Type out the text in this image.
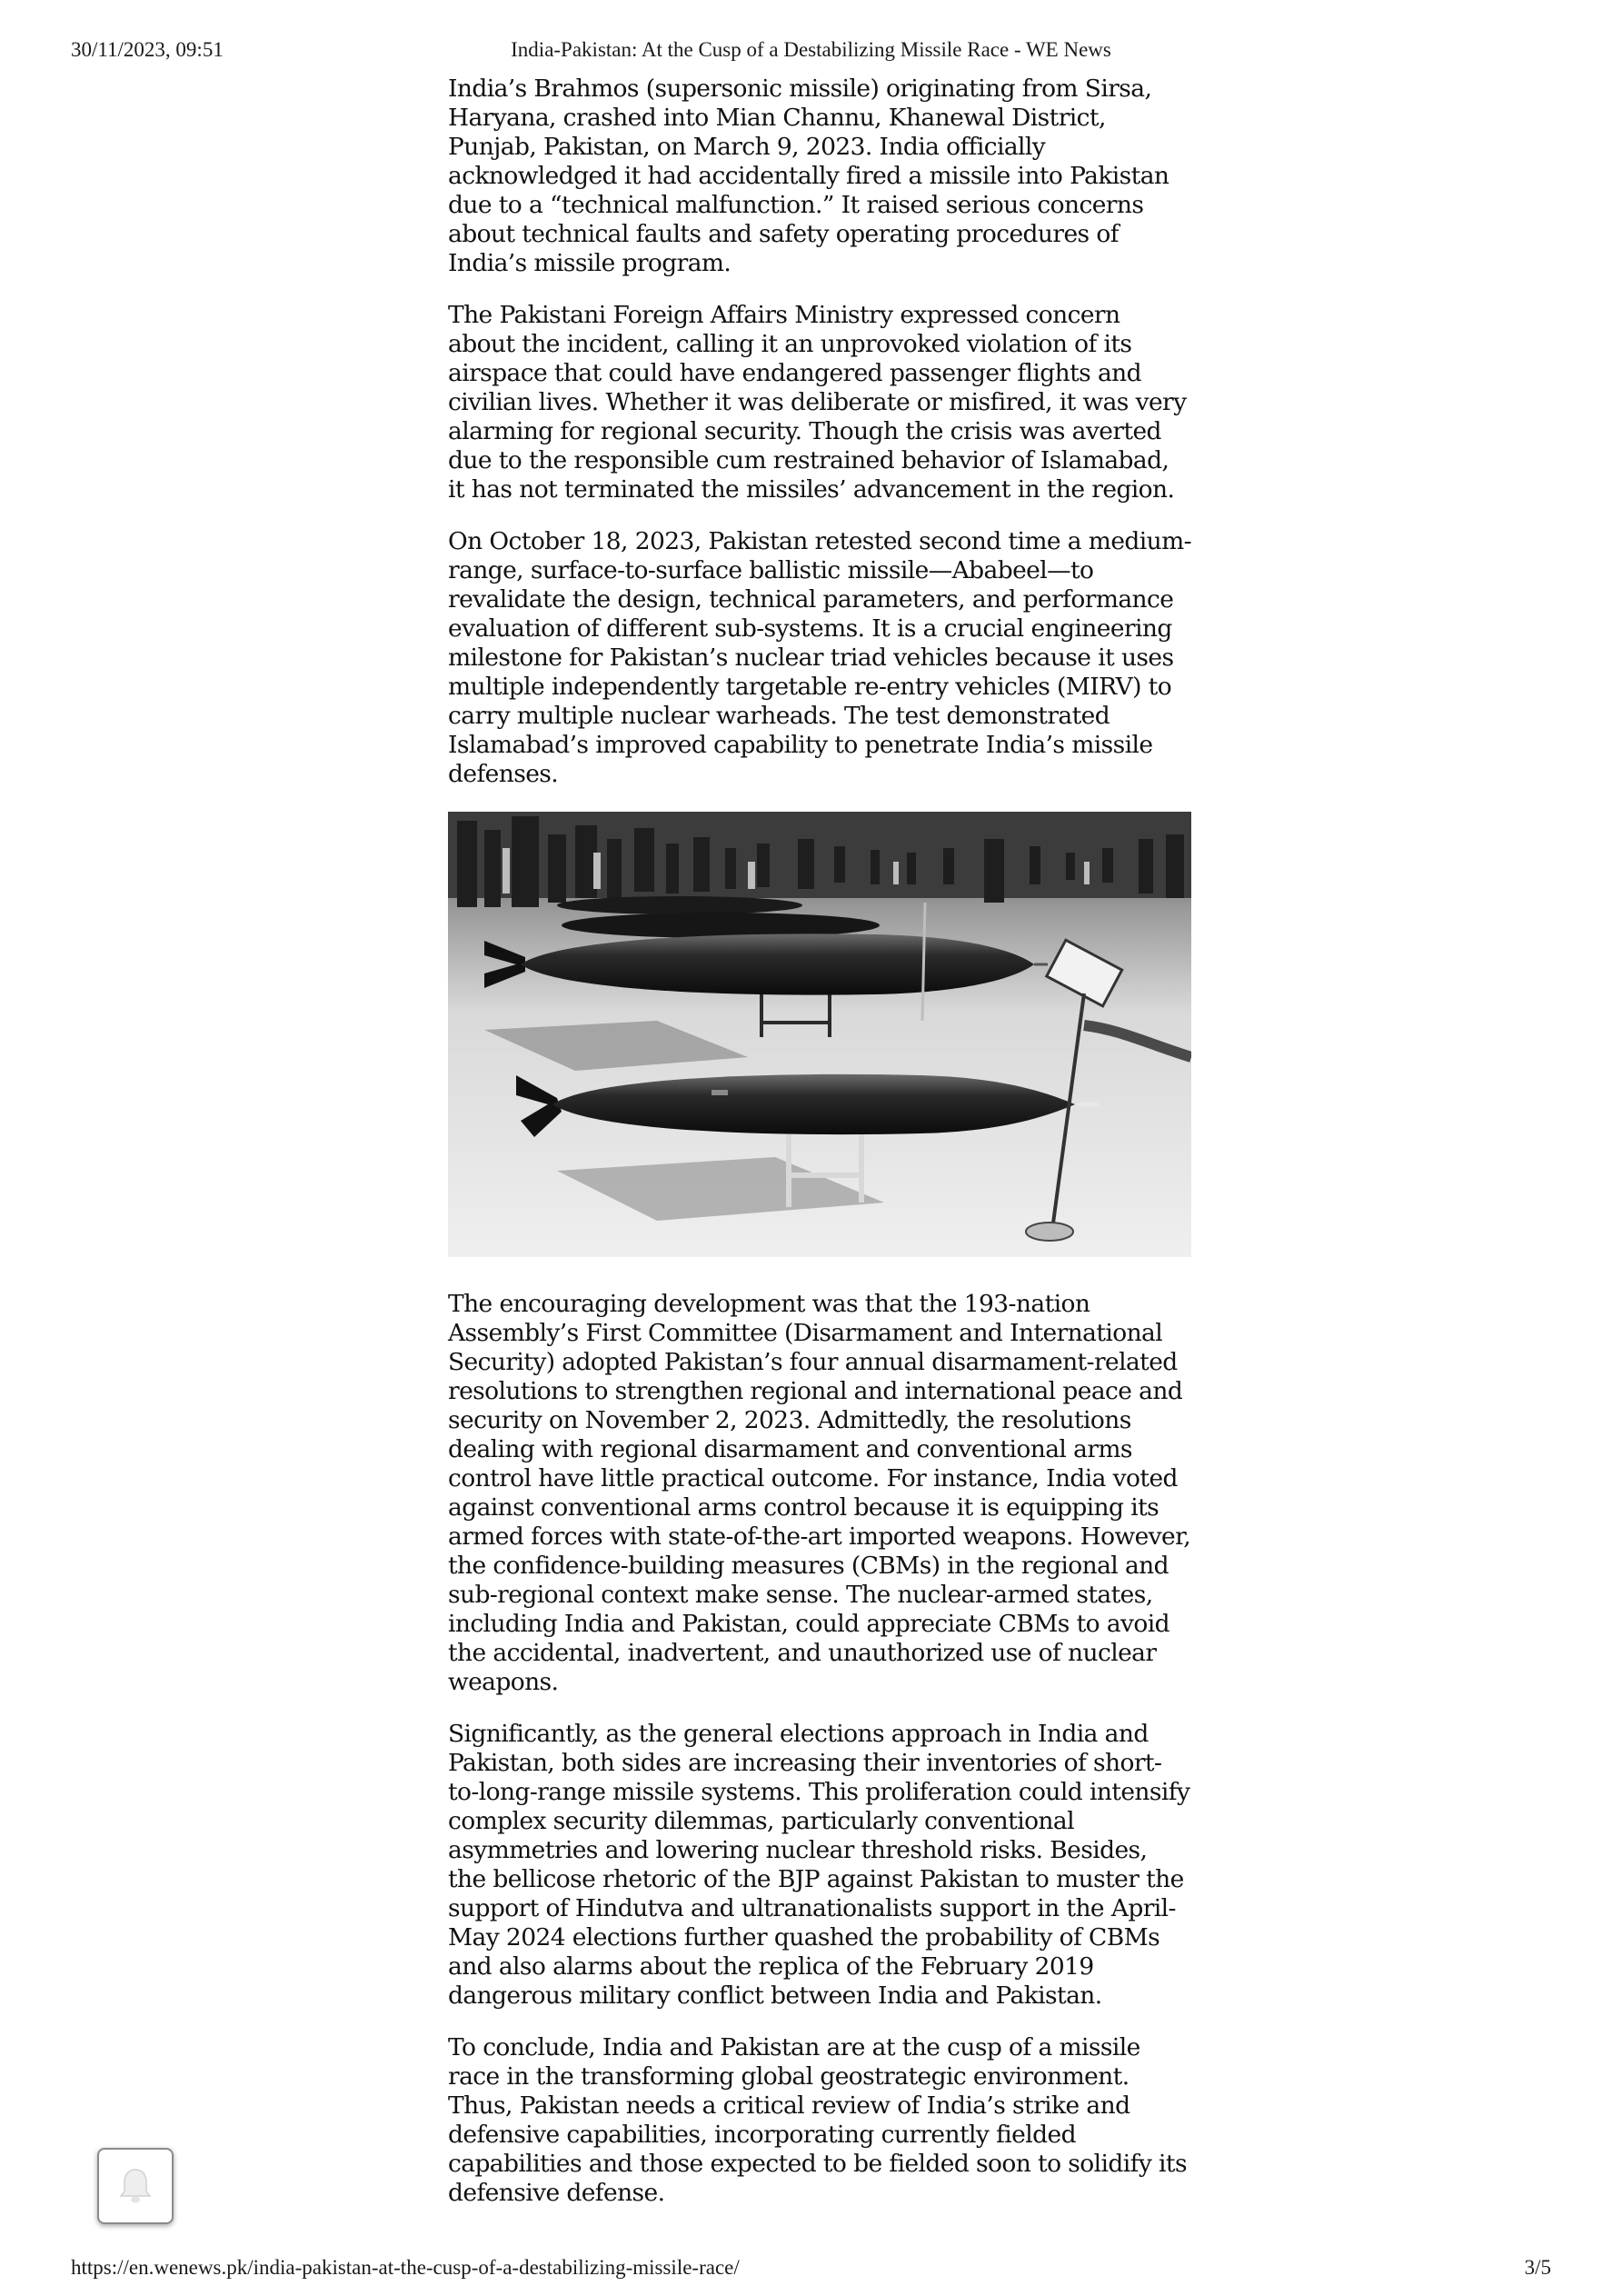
30/11/2023, 09:51	India-Pakistan: At the Cusp of a Destabilizing Missile Race - WE News

India’s Brahmos (supersonic missile) originating from Sirsa, Haryana, crashed into Mian Channu, Khanewal District, Punjab, Pakistan, on March 9, 2023. India officially acknowledged it had accidentally fired a missile into Pakistan due to a “technical malfunction.” It raised serious concerns about technical faults and safety operating procedures of India’s missile program.

The Pakistani Foreign Affairs Ministry expressed concern about the incident, calling it an unprovoked violation of its airspace that could have endangered passenger flights and civilian lives. Whether it was deliberate or misfired, it was very alarming for regional security. Though the crisis was averted due to the responsible cum restrained behavior of Islamabad, it has not terminated the missiles’ advancement in the region.

On October 18, 2023, Pakistan retested second time a medium-range, surface-to-surface ballistic missile—Ababeel—to revalidate the design, technical parameters, and performance evaluation of different sub-systems. It is a crucial engineering milestone for Pakistan’s nuclear triad vehicles because it uses multiple independently targetable re-entry vehicles (MIRV) to carry multiple nuclear warheads. The test demonstrated Islamabad’s improved capability to penetrate India’s missile defenses.

The encouraging development was that the 193-nation Assembly’s First Committee (Disarmament and International Security) adopted Pakistan’s four annual disarmament-related resolutions to strengthen regional and international peace and security on November 2, 2023. Admittedly, the resolutions dealing with regional disarmament and conventional arms control have little practical outcome. For instance, India voted against conventional arms control because it is equipping its armed forces with state-of-the-art imported weapons. However, the confidence-building measures (CBMs) in the regional and sub-regional context make sense. The nuclear-armed states, including India and Pakistan, could appreciate CBMs to avoid the accidental, inadvertent, and unauthorized use of nuclear weapons.

Significantly, as the general elections approach in India and Pakistan, both sides are increasing their inventories of short-to-long-range missile systems. This proliferation could intensify complex security dilemmas, particularly conventional asymmetries and lowering nuclear threshold risks. Besides, the bellicose rhetoric of the BJP against Pakistan to muster the support of Hindutva and ultranationalists support in the April-May 2024 elections further quashed the probability of CBMs and also alarms about the replica of the February 2019 dangerous military conflict between India and Pakistan.

To conclude, India and Pakistan are at the cusp of a missile race in the transforming global geostrategic environment. Thus, Pakistan needs a critical review of India’s strike and defensive capabilities, incorporating currently fielded capabilities and those expected to be fielded soon to solidify its defensive defense.

https://en.wenews.pk/india-pakistan-at-the-cusp-of-a-destabilizing-missile-race/	3/5
